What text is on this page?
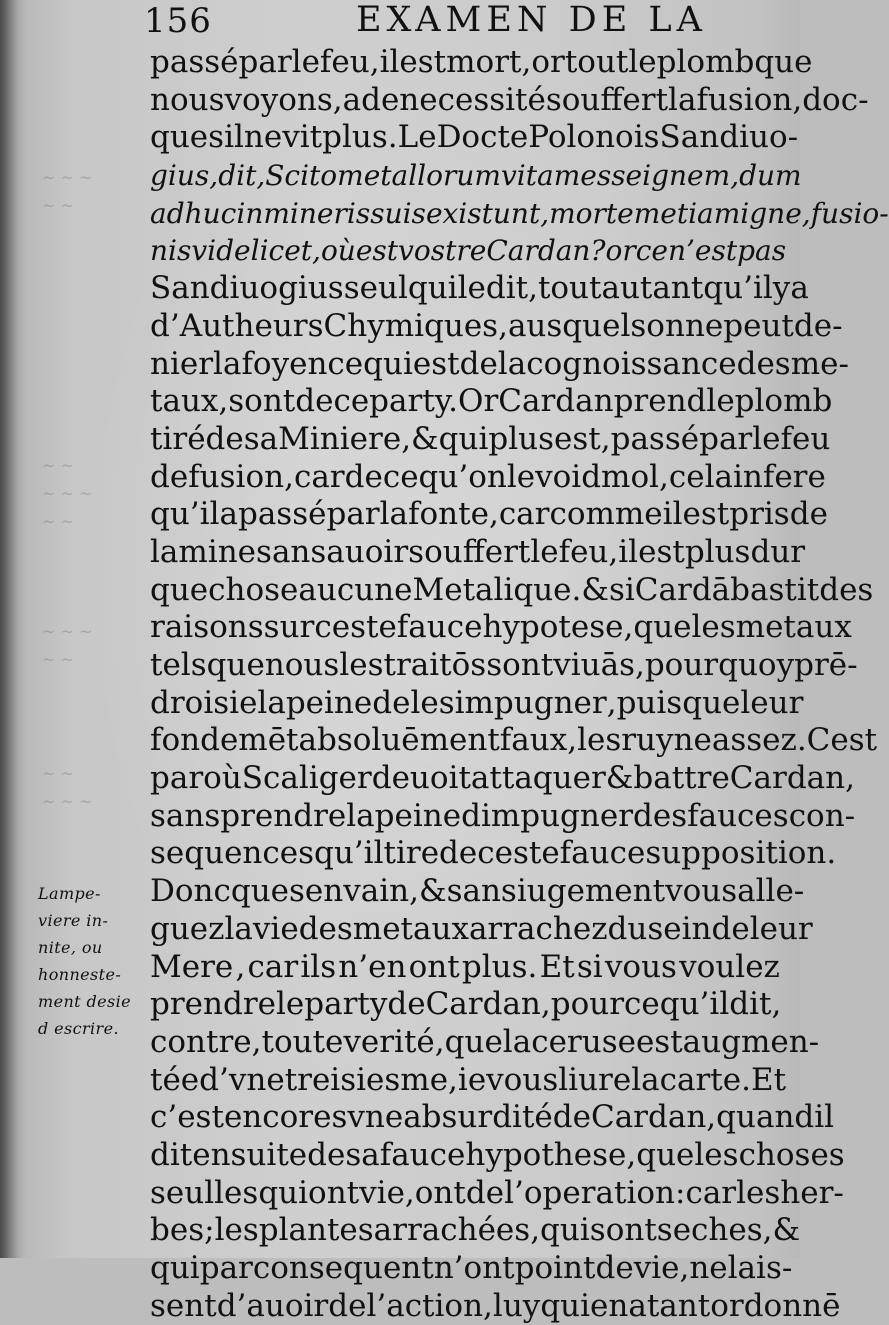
~ ~ ~
~ ~
~ ~
~ ~ ~
~ ~
~ ~ ~
~ ~
~ ~
~ ~ ~
156	EXAMEN DE LA
passé par le feu , il est mort , or tout le plomb que
nous voyons , a de necessité souffert la fusion, doc-
ques il ne vit plus. Le Docte Polonois Sandiuo-
gius, dit, Scito metallorum vitam esse ignem , dum
adhuc in mineris suis existunt, mortem etiam igne, fusio-
nis videlicet , où est vostre Cardan? or ce n’est pas
Sandiuogius seul qui le dit , tout autant qu’il y a
d’Autheurs Chymiques , ausquels on ne peut de-
nier la foy en ce qui est de la cognoissance des me-
taux, sont de ce party. Or Cardan prend le plomb
tiré de sa Miniere , & qui plus est, passé par le feu
de fusion, car de ce qu’on le void mol, cela infere
qu’il a passé par la fonte , car comme il est pris de
la mine sans auoir souffert le feu , il est plus dur
que chose aucune Metalique.& si Cardā bastit des
raisons sur ceste fauce hypotese , que les metaux
tels que nous les traitōs sont viuās,pourquoy prē-
drois ie la peine de les impugner , puis que leur
fondemēt absoluēment faux, les ruyne assez.C est
par où Scaliger deuoit attaquer & battre Cardan,
sans prendre la peine d impugner des fauces con-
sequences qu’il tire de ceste fauce supposition.
Doncques en vain , & sans iugement vous alle-
guez la vie des metaux arrachez du sein de leur
Mere , car ils n’en ont plus. Et si vous voulez
prendre le party de Cardan , pource qu’il dit,
contre , toute verité , que la ceruse est augmen-
tée d’vne treisiesme , ie vous liure la carte. Et
c’est encores vne absurdité de Cardan , quand il
dit en suite de sa fauce hypothese , que les choses
seulles qui ont vie,ont de l’operation : car les her-
bes ; les plantes arrachées , qui sont seches , &
qui par consequent n’ont point de vie , ne lais-
sent d’auoir de l’action, luy qui en a tant ordonnē
Lampe-
viere in-
nite, ou
honneste-
ment desie
d escrire.
